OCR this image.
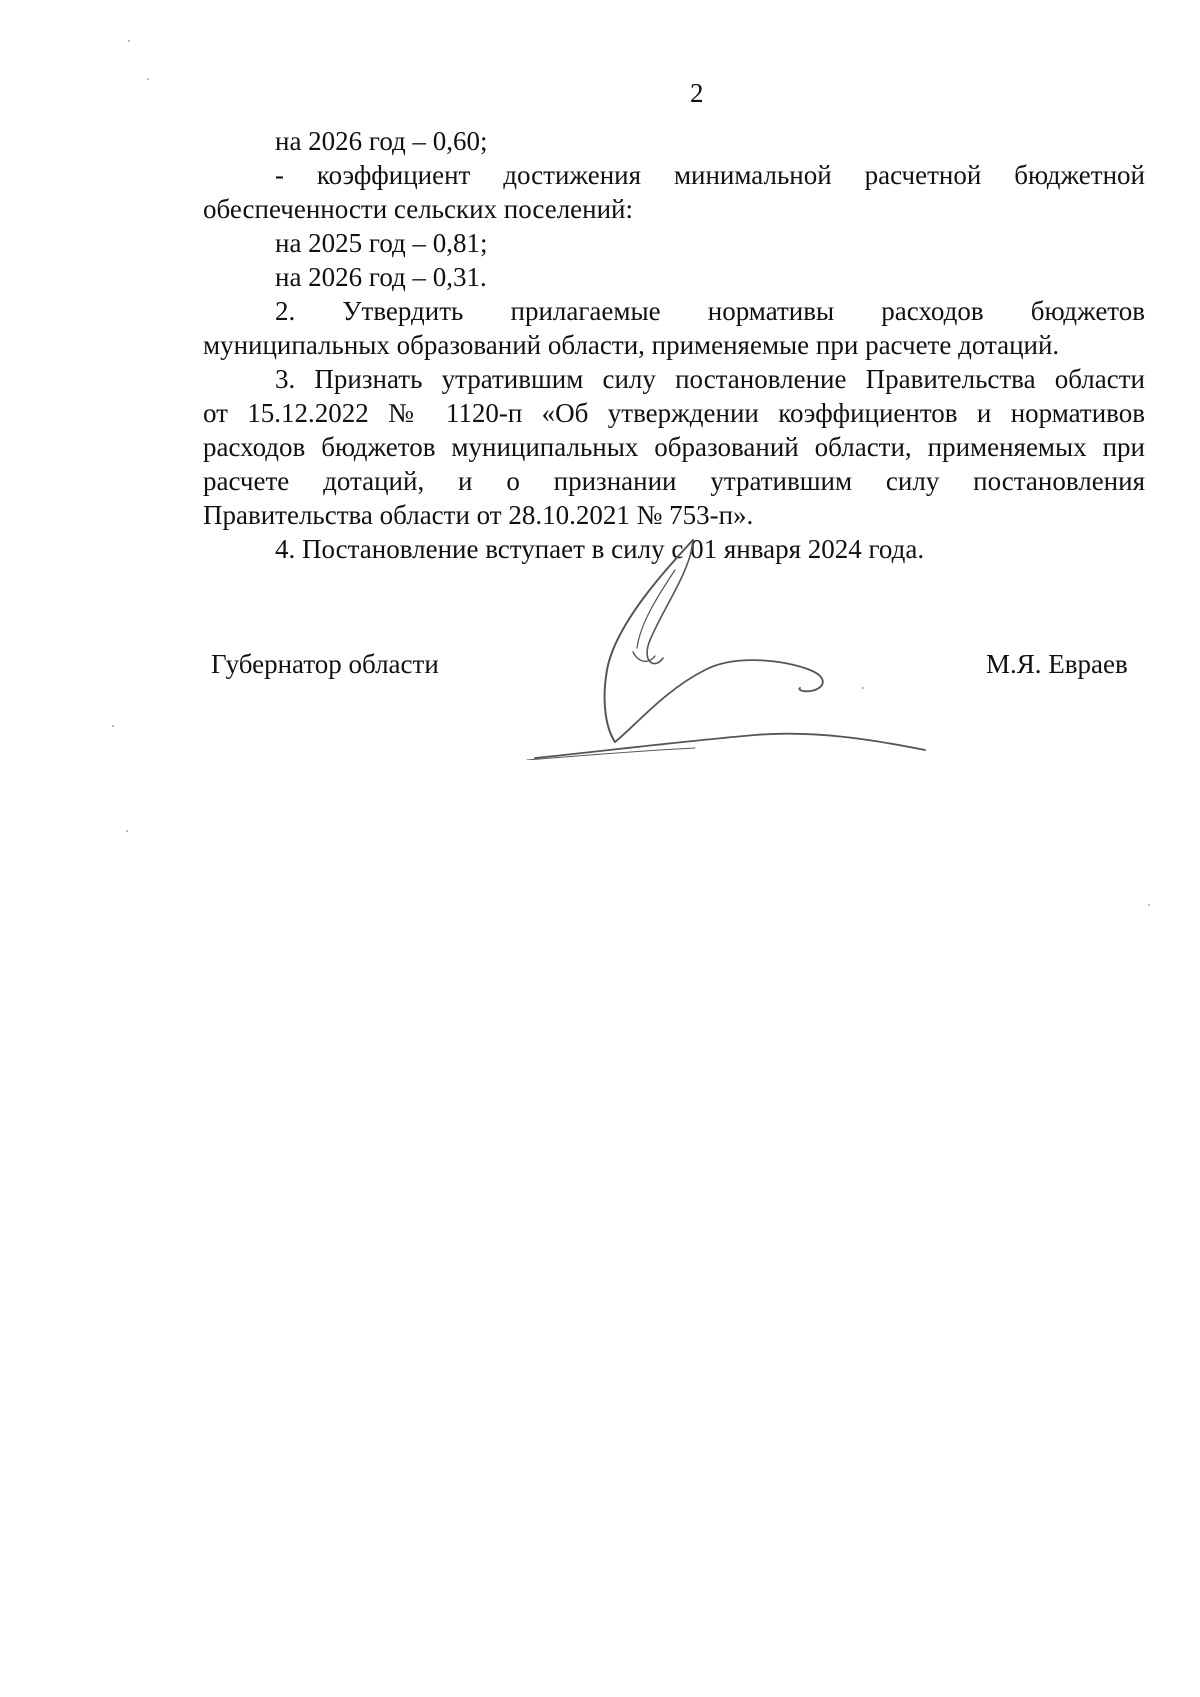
2
на 2026 год – 0,60;
- коэффициент достижения минимальной расчетной бюджетной
обеспеченности сельских поселений:
на 2025 год – 0,81;
на 2026 год – 0,31.
2. Утвердить прилагаемые нормативы расходов бюджетов
муниципальных образований области, применяемые при расчете дотаций.
3. Признать утратившим силу постановление Правительства области
от 15.12.2022 № 1120-п «Об утверждении коэффициентов и нормативов
расходов бюджетов муниципальных образований области, применяемых при
расчете дотаций, и о признании утратившим силу постановления
Правительства области от 28.10.2021 № 753-п».
4. Постановление вступает в силу с 01 января 2024 года.
Губернатор области	М.Я. Евраев
